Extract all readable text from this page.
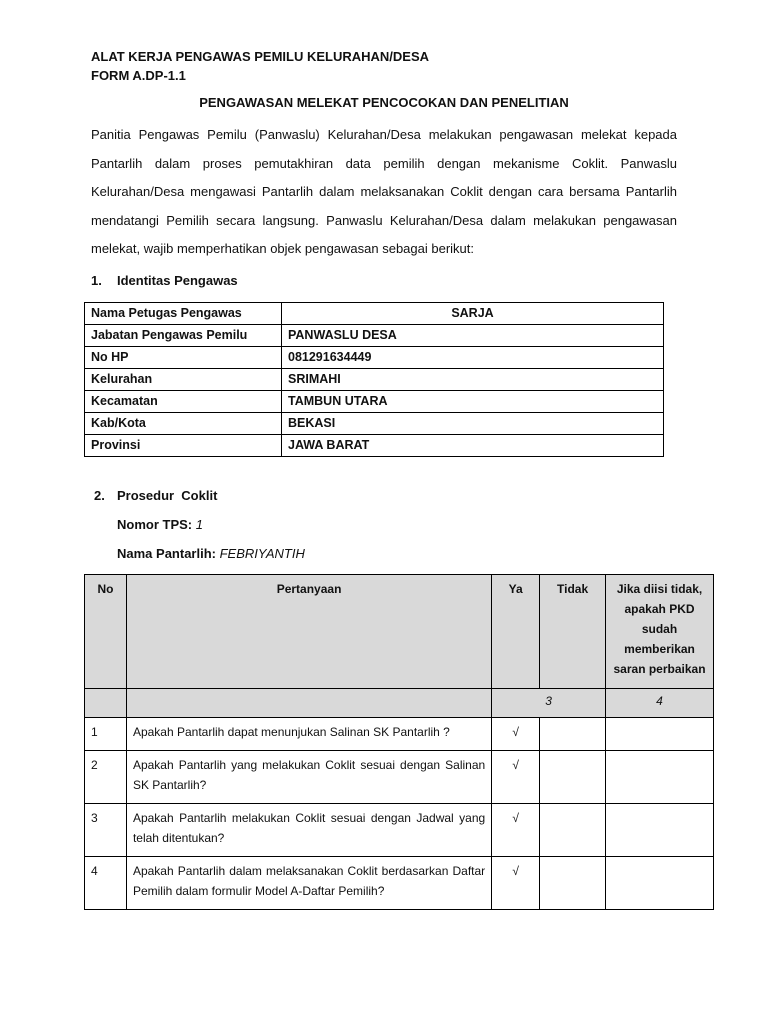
ALAT KERJA PENGAWAS PEMILU KELURAHAN/DESA
FORM A.DP-1.1
PENGAWASAN MELEKAT PENCOCOKAN DAN PENELITIAN
Panitia Pengawas Pemilu (Panwaslu) Kelurahan/Desa melakukan pengawasan melekat kepada Pantarlih dalam proses pemutakhiran data pemilih dengan mekanisme Coklit. Panwaslu Kelurahan/Desa mengawasi Pantarlih dalam melaksanakan Coklit dengan cara bersama Pantarlih mendatangi Pemilih secara langsung. Panwaslu Kelurahan/Desa dalam melakukan pengawasan melekat, wajib memperhatikan objek pengawasan sebagai berikut:
1. Identitas Pengawas
Nama Petugas Pengawas	SARJA
Jabatan Pengawas Pemilu	PANWASLU DESA
No HP	081291634449
Kelurahan	SRIMAHI
Kecamatan	TAMBUN UTARA
Kab/Kota	BEKASI
Provinsi	JAWA BARAT
2. Prosedur  Coklit
Nomor TPS: 1
Nama Pantarlih: FEBRIYANTIH
No	Pertanyaan	Ya	Tidak	Jika diisi tidak, apakah PKD sudah memberikan saran perbaikan
		3		4
1	Apakah Pantarlih dapat menunjukan Salinan SK Pantarlih ?	√		
2	Apakah Pantarlih yang melakukan Coklit sesuai dengan Salinan SK Pantarlih?	√		
3	Apakah Pantarlih melakukan Coklit sesuai dengan Jadwal yang telah ditentukan?	√		
4	Apakah Pantarlih dalam melaksanakan Coklit berdasarkan Daftar Pemilih dalam formulir Model A-Daftar Pemilih?	√		
